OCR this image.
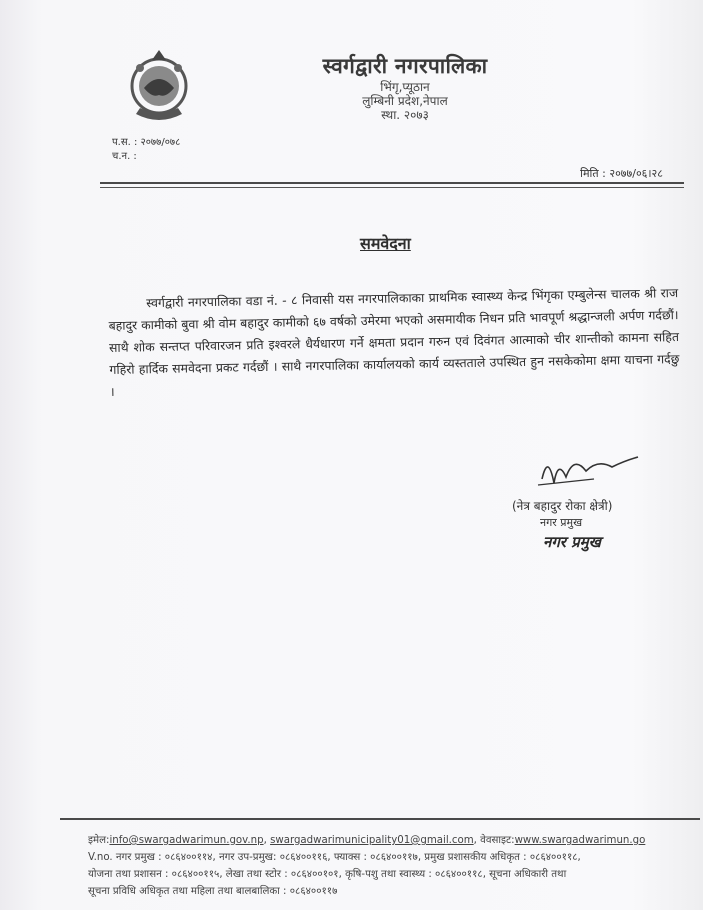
स्वर्गद्वारी नगरपालिका
भिंगृ,प्यूठान
लुम्बिनी प्रदेश,नेपाल
स्था. २०७३
प.स. : २०७७/०७८
च.न. :
मिति : २०७७/०६।२८
समवेदना

स्वर्गद्वारी नगरपालिका वडा नं. - ८ निवासी यस नगरपालिकाका प्राथमिक स्वास्थ्य केन्द्र भिंगृका एम्बुलेन्स चालक श्री राज बहादुर कामीको बुवा श्री वोम बहादुर कामीको ६७ वर्षको उमेरमा भएको असमायीक निधन प्रति भावपूर्ण श्रद्धान्जली अर्पण गर्दछौं। साथै शोक सन्तप्त परिवारजन प्रति इश्वरले धैर्यधारण गर्ने क्षमता प्रदान गरुन एवं दिवंगत आत्माको चीर शान्तीको कामना सहित गहिरो हार्दिक समवेदना प्रकट गर्दछौं । साथै नगरपालिका कार्यालयको कार्य व्यस्तताले उपस्थित हुन नसकेकोमा क्षमा याचना गर्दछु ।

(नेत्र बहादुर रोका क्षेत्री)
नगर प्रमुख
नगर प्रमुख
इमेल:info@swargadwarimun.gov.np, swargadwarimunicipality01@gmail.com, वेवसाइट:www.swargadwarimun.go
V.no. नगर प्रमुख : ०८६४००११४, नगर उप-प्रमुख: ०८६४००११६, फ्याक्स : ०८६४००११७, प्रमुख प्रशासकीय अधिकृत : ०८६४००११८,
योजना तथा प्रशासन : ०८६४००११५, लेखा तथा स्टोर : ०८६४००१०१, कृषि-पशु तथा स्वास्थ्य : ०८६४००११८, सूचना अधिकारी तथा
सूचना प्रविधि अधिकृत तथा महिला तथा बालबालिका : ०८६४००११७
